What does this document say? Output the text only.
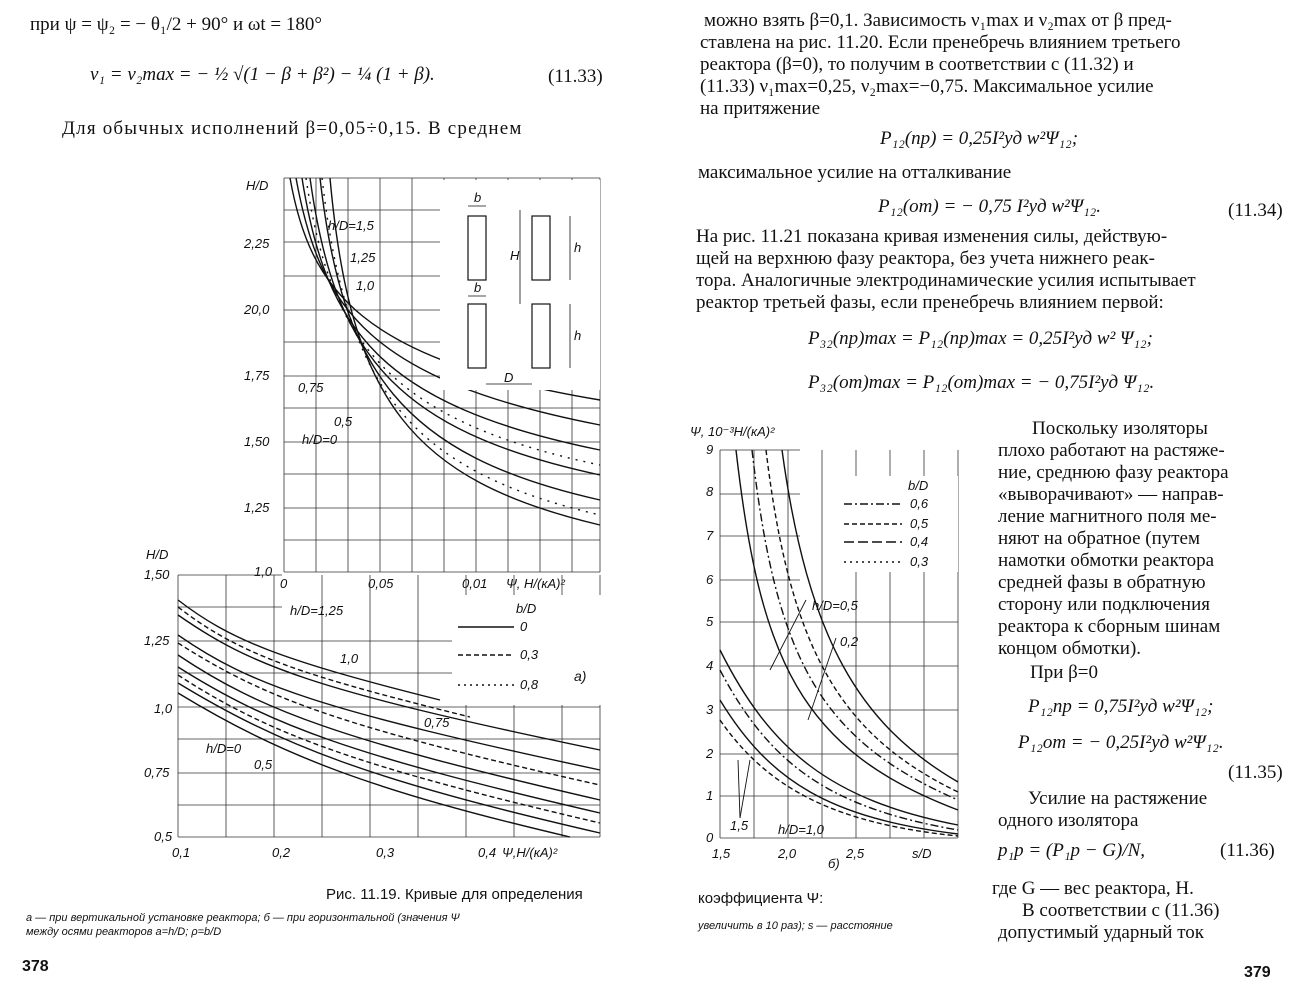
при ψ = ψ₂ = − θ₁/2 + 90° и ωt = 180°
ν₁ = ν₂max = − ½ √(1 − β + β²) − ¼ (1 + β).	(11.33)
Для обычных исполнений β=0,05÷0,15. В среднем
H/D
2,25
20,0
1,75
1,50
1,25
1,0
0	0,05	0,01 Ψ, H/(кА)²
h/D=1,5
1,25
1,0
0,75
0,5
h/D=0
b
h
H
b
h
D
H/D
1,50
1,25
1,0
0,75
0,5
0,1	0,2	0,3	0,4 Ψ,H/(кА)²
h/D=1,25
1,0
0,75
h/D=0
0,5
b/D
0
0,3
0,8
а)
Рис. 11.19. Кривые для определения
а — при вертикальной установке реактора; б — при горизонтальной (значения Ψ
между осями реакторов а=h/D; ρ=b/D
378
можно взять β=0,1. Зависимость ν₁max и ν₂max от β пред-
ставлена на рис. 11.20. Если пренебречь влиянием третьего
реактора (β=0), то получим в соответствии с (11.32) и
(11.33) ν₁max=0,25, ν₂max=−0,75. Максимальное усилие
на притяжение
P₁₂(пр) = 0,25I²уд w²Ψ₁₂;
максимальное усилие на отталкивание
P₁₂(от) = − 0,75 I²уд w²Ψ₁₂.	(11.34)
На рис. 11.21 показана кривая изменения силы, действую-
щей на верхнюю фазу реактора, без учета нижнего реак-
тора. Аналогичные электродинамические усилия испытывает
реактор третьей фазы, если пренебречь влиянием первой:
P₃₂(пр)max = P₁₂(пр)max = 0,25I²уд w² Ψ₁₂;
P₃₂(от)max = P₁₂(от)max = − 0,75I²уд Ψ₁₂.
Ψ, 10⁻³H/(кА)²
9
8
7
6
5
4
3
2
1
0
1,5	2,0	2,5	s/D
б)
b/D
0,6
0,5
0,4
0,3
h/D=0,5
0,2
1,5 h/D=1,0
Поскольку изоляторы
плохо работают на растяже-
ние, среднюю фазу реактора
«выворачивают» — направ-
ление магнитного поля ме-
няют на обратное (путем
намотки обмотки реактора
средней фазы в обратную
сторону или подключения
реактора к сборным шинам
концом обмотки).
При β=0
P₁₂пр = 0,75I²уд w²Ψ₁₂;
P₁₂от = − 0,25I²уд w²Ψ₁₂.
(11.35)
Усилие на растяжение
одного изолятора
p₁р = (P₁р − G)/N,	(11.36)
где G — вес реактора, Н.
В соответствии с (11.36)
допустимый ударный ток
коэффициента Ψ:
увеличить в 10 раз); s — расстояние
379
